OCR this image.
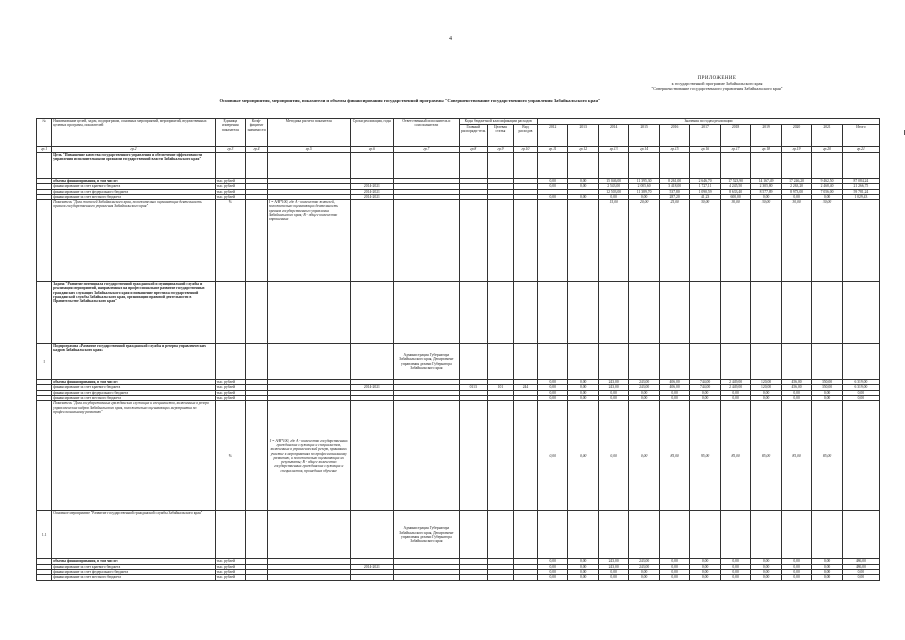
4
ПРИЛОЖЕНИЕ
к государственной программе Забайкальского края
"Совершенствование государственного управления Забайкальского края"
Основные мероприятия, мероприятия, показатели и объемы финансирования государственной программы "Совершенствование государственного управления Забайкальского края"
№	Наименование целей, задач, подпрограмм, основных мероприятий, мероприятий, ведомственных целевых программ, показателей	Единица измерения показателя	Коэф-фициент значимости	Методика расчета показателя	Сроки реализации, годы	Ответственный исполнитель и соисполнители	Коды бюджетной классификации расходов			Значения по годам реализации										
							Главный распоряди-тель	Целевая статья	Вид расходов	2012	2013	2014	2015	2016	2017	2018	2019	2020	2021	Итого
гр.1	гр.2	гр.3	гр.4	гр.5	гр.6	гр.7	гр.8	гр.9	гр.10	гр.11	гр.12	гр.13	гр.14	гр.15	гр.16	гр.17	гр.18	гр.19	гр.20	гр.21
	Цель "Повышение качества государственного управления и обеспечение эффективности управления исполнительными органами государственной власти Забайкальского края"																			
	объемы финансирования, в том числе:	тыс. рублей								0,00	0,00	15 046,00	11 395,30	8 261,00	2 646,70	17 523,90	14 167,49	17 246,20	9 462,50	87 084,24
	финансирование за счет краевого бюджета	тыс. рублей			2014-2021					0,00	0,00	2 543,00	2 005,60	3 418,00	1 727,11	4 245,50	2 305,80	2 263,20	2 468,40	21 266,75
	финансирование за счет федерального бюджета	тыс. рублей			2014-2021							12 503,00	11 389,70	537,80	1 090,59	8 633,40	8 577,89	8 973,00	7 056,00	59 781,24
	финансирование за счет местного бюджета	тыс. рублей			2014-2021					0,00	0,00	0,00	0,00	287,20	41,23	600,00	0,00	0,00	0,00	1 029,43
	Показатель "Доля жителей Забайкальского края, положительно оценивающих деятельность органов государственного управления Забайкальского края"	%		I = А/В*100, где А - количество жителей, положительно оценивающих деятельность органов государственного управления Забайкальского края; В - общее количество опрошенных								15,00	20,00	25,00	30,00	30,00	30,00	30,00	30,00	
	Задача "Развитие потенциала государственной гражданской и муниципальной службы и реализация мероприятий, направленных на профессиональное развитие государственных гражданских служащих Забайкальского края и повышение престижа государственной гражданской службы Забайкальского края, организации правовой деятельности в Правительстве Забайкальского края"																			
I	Подпрограмма «Развитие государственной гражданской службы и резерва управленческих кадров Забайкальского края»					Администрация Губернатора Забайкальского края, Департамент управления делами Губернатора Забайкальского края														
	объемы финансирования, в том числе:	тыс. рублей								0,00	0,00	243,00	243,00	406,00	744,00	2 449,00	120,00	456,00	350,00	6 319,00
	финансирование за счет краевого бюджета	тыс. рублей			2014-2021		0113	101	244	0,00	0,00	243,00	243,00	406,00	744,00	2 449,00	120,00	456,00	350,00	6 319,00
	финансирование за счет федерального бюджета	тыс. рублей								0,00	0,00	0,00	0,00	0,00	0,00	0,00	0,00	0,00	0,00	0,00
	финансирование за счет местного бюджета	тыс. рублей								0,00	0,00	0,00	0,00	0,00	0,00	0,00	0,00	0,00	0,00	0,00
	Показатель "Доля государственных гражданских служащих и специалистов, включенных в резерв управленческих кадров Забайкальского края, положительно оценивающих мероприятия по профессиональному развитию"	%		I = А/В*100, где А - количество государственных гражданских служащих и специалистов, включенных в управленческий резерв, принявших участие в мероприятиях по профессиональному развитию, и положительно оценивающих их результаты; В - общее количество государственных гражданских служащих и специалистов, прошедших обучение						0,00	0,00	0,00	0,00	85,00	95,00	85,00	85,00	85,00	85,00	
1.1	Основное мероприятие "Развитие государственной гражданской службы Забайкальского края"					Администрация Губернатора Забайкальского края, Департамент управления делами Губернатора Забайкальского края														
	объемы финансирования, в том числе:	тыс. рублей								0,00	0,00	243,00	243,00	0,00	0,00	0,00	0,00	0,00	0,00	486,00
	финансирование за счет краевого бюджета	тыс. рублей			2014-2021					0,00	0,00	243,00	243,00	0,00	0,00	0,00	0,00	0,00	0,00	486,00
	финансирование за счет федерального бюджета	тыс. рублей								0,00	0,00	0,00	0,00	0,00	0,00	0,00	0,00	0,00	0,00	0,00
	финансирование за счет местного бюджета	тыс. рублей								0,00	0,00	0,00	0,00	0,00	0,00	0,00	0,00	0,00	0,00	0,00
